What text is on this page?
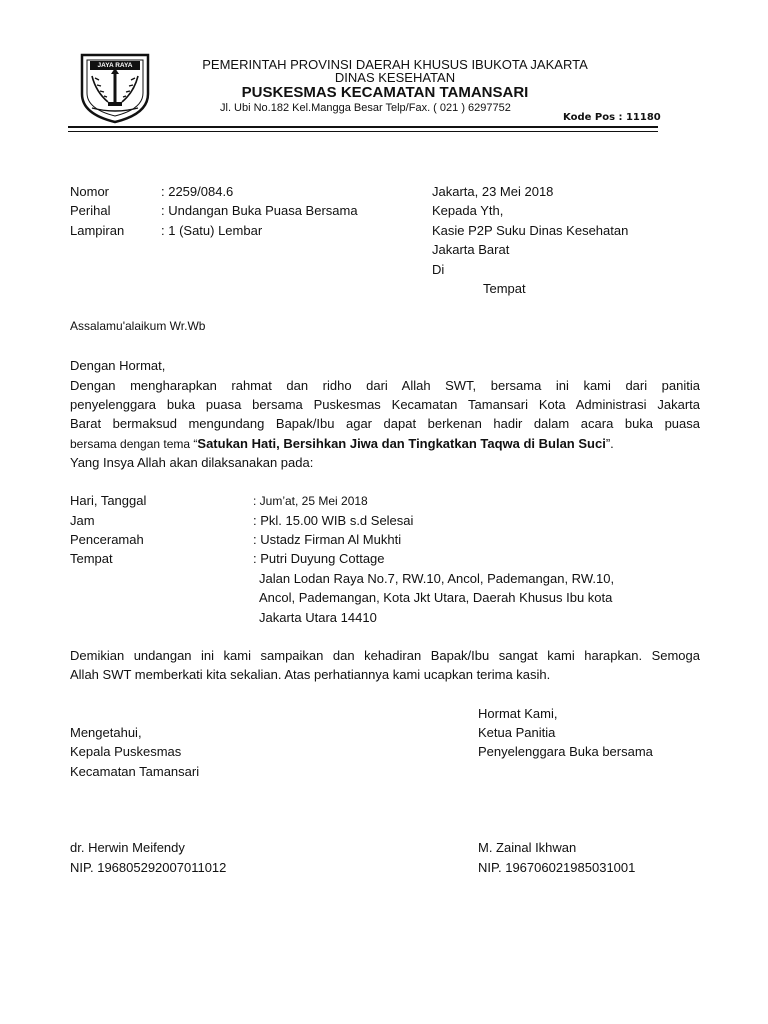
JAYA RAYA	PEMERINTAH PROVINSI DAERAH KHUSUS IBUKOTA JAKARTA
DINAS KESEHATAN
PUSKESMAS KECAMATAN TAMANSARI
Jl. Ubi No.182 Kel.Mangga Besar Telp/Fax. ( 021 ) 6297752
Kode Pos : 11180
Nomor	: 2259/084.6
Perihal	: Undangan Buka Puasa Bersama
Lampiran	: 1 (Satu) Lembar
Jakarta, 23 Mei 2018
Kepada Yth,
Kasie P2P Suku Dinas Kesehatan
Jakarta Barat
Di
Tempat
Assalamu'alaikum Wr.Wb
Dengan Hormat,
Dengan mengharapkan rahmat dan ridho dari Allah SWT, bersama ini kami dari panitia
penyelenggara buka puasa bersama Puskesmas Kecamatan Tamansari Kota Administrasi Jakarta
Barat bermaksud mengundang Bapak/Ibu agar dapat berkenan hadir dalam acara buka puasa
bersama dengan tema “Satukan Hati, Bersihkan Jiwa dan Tingkatkan Taqwa di Bulan Suci”.
Yang Insya Allah akan dilaksanakan pada:
Hari, Tanggal	: Jum’at, 25 Mei 2018
Jam	: Pkl. 15.00 WIB s.d Selesai
Penceramah	: Ustadz Firman Al Mukhti
Tempat	: Putri Duyung Cottage
Jalan Lodan Raya No.7, RW.10, Ancol, Pademangan, RW.10,
Ancol, Pademangan, Kota Jkt Utara, Daerah Khusus Ibu kota
Jakarta Utara 14410
Demikian undangan ini kami sampaikan dan kehadiran Bapak/Ibu sangat kami harapkan. Semoga
Allah SWT memberkati kita sekalian. Atas perhatiannya kami ucapkan terima kasih.
Hormat Kami,
Mengetahui,	Ketua Panitia
Kepala Puskesmas	Penyelenggara Buka bersama
Kecamatan Tamansari
dr. Herwin Meifendy	M. Zainal Ikhwan
NIP. 196805292007011012	NIP. 196706021985031001
